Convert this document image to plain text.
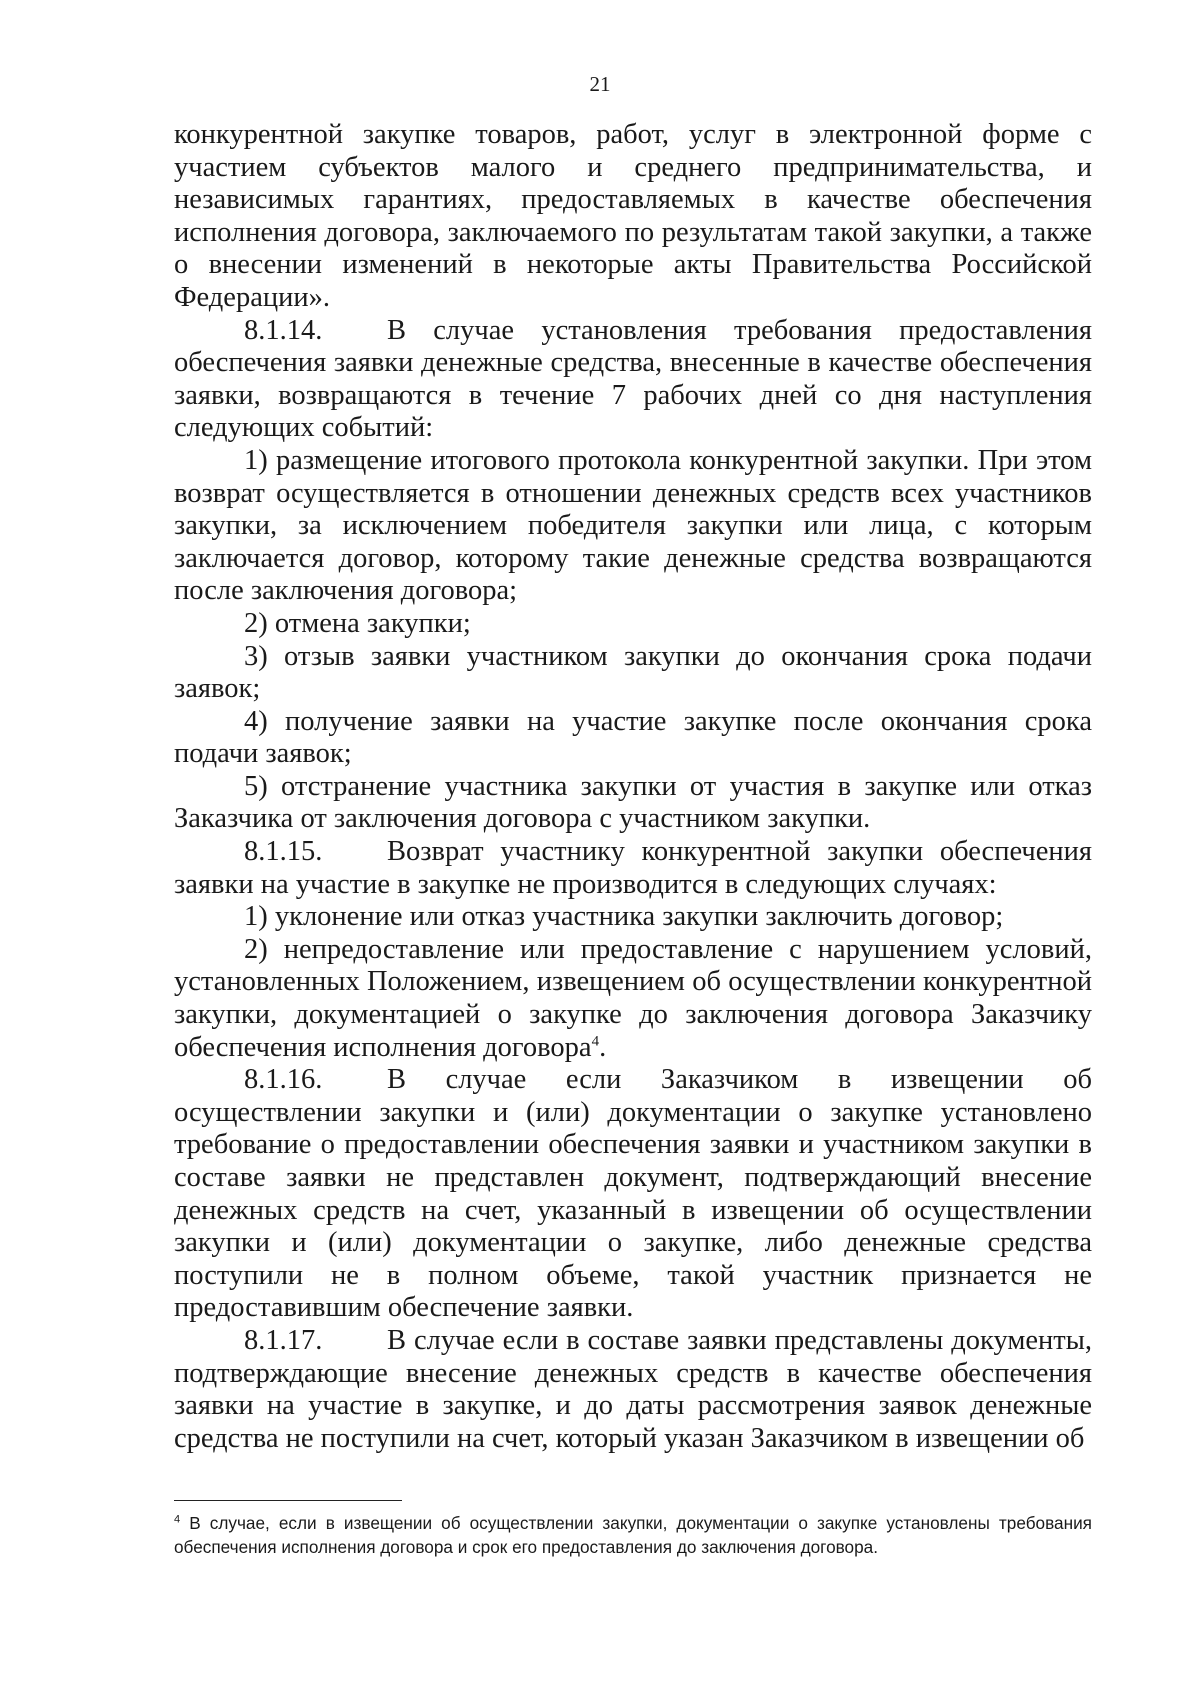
21

конкурентной закупке товаров, работ, услуг в электронной форме с участием субъектов малого и среднего предпринимательства, и независимых гарантиях, предоставляемых в качестве обеспечения исполнения договора, заключаемого по результатам такой закупки, а также о внесении изменений в некоторые акты Правительства Российской Федерации».

8.1.14. В случае установления требования предоставления обеспечения заявки денежные средства, внесенные в качестве обеспечения заявки, возвращаются в течение 7 рабочих дней со дня наступления следующих событий:

1) размещение итогового протокола конкурентной закупки. При этом возврат осуществляется в отношении денежных средств всех участников закупки, за исключением победителя закупки или лица, с которым заключается договор, которому такие денежные средства возвращаются после заключения договора;

2) отмена закупки;

3) отзыв заявки участником закупки до окончания срока подачи заявок;

4) получение заявки на участие закупке после окончания срока подачи заявок;

5) отстранение участника закупки от участия в закупке или отказ Заказчика от заключения договора с участником закупки.

8.1.15. Возврат участнику конкурентной закупки обеспечения заявки на участие в закупке не производится в следующих случаях:

1) уклонение или отказ участника закупки заключить договор;

2) непредоставление или предоставление с нарушением условий, установленных Положением, извещением об осуществлении конкурентной закупки, документацией о закупке до заключения договора Заказчику обеспечения исполнения договора$^4$.

8.1.16. В случае если Заказчиком в извещении об осуществлении закупки и (или) документации о закупке установлено требование о предоставлении обеспечения заявки и участником закупки в составе заявки не представлен документ, подтверждающий внесение денежных средств на счет, указанный в извещении об осуществлении закупки и (или) документации о закупке, либо денежные средства поступили не в полном объеме, такой участник признается не предоставившим обеспечение заявки.

8.1.17. В случае если в составе заявки представлены документы, подтверждающие внесение денежных средств в качестве обеспечения заявки на участие в закупке, и до даты рассмотрения заявок денежные средства не поступили на счет, который указан Заказчиком в извещении об

$^4$ В случае, если в извещении об осуществлении закупки, документации о закупке установлены требования обеспечения исполнения договора и срок его предоставления до заключения договора.
